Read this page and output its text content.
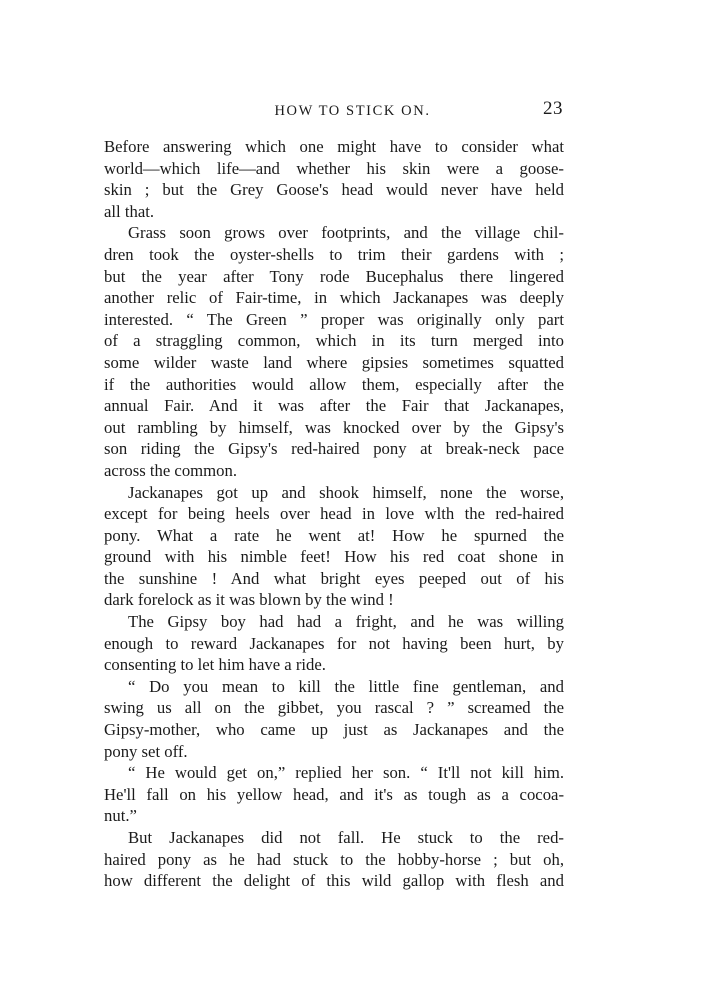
HOW TO STICK ON.	23
Before answering which one might have to consider what
world—which life—and whether his skin were a goose-
skin ; but the Grey Goose's head would never have held
all that.
Grass soon grows over footprints, and the village chil-
dren took the oyster-shells to trim their gardens with ;
but the year after Tony rode Bucephalus there lingered
another relic of Fair-time, in which Jackanapes was deeply
interested. “ The Green ” proper was originally only part
of a straggling common, which in its turn merged into
some wilder waste land where gipsies sometimes squatted
if the authorities would allow them, especially after the
annual Fair. And it was after the Fair that Jackanapes,
out rambling by himself, was knocked over by the Gipsy's
son riding the Gipsy's red-haired pony at break-neck pace
across the common.
Jackanapes got up and shook himself, none the worse,
except for being heels over head in love wlth the red-haired
pony. What a rate he went at! How he spurned the
ground with his nimble feet! How his red coat shone in
the sunshine ! And what bright eyes peeped out of his
dark forelock as it was blown by the wind !
The Gipsy boy had had a fright, and he was willing
enough to reward Jackanapes for not having been hurt, by
consenting to let him have a ride.
“ Do you mean to kill the little fine gentleman, and
swing us all on the gibbet, you rascal ? ” screamed the
Gipsy-mother, who came up just as Jackanapes and the
pony set off.
“ He would get on,” replied her son. “ It'll not kill him.
He'll fall on his yellow head, and it's as tough as a cocoa-
nut.”
But Jackanapes did not fall. He stuck to the red-
haired pony as he had stuck to the hobby-horse ; but oh,
how different the delight of this wild gallop with flesh and
